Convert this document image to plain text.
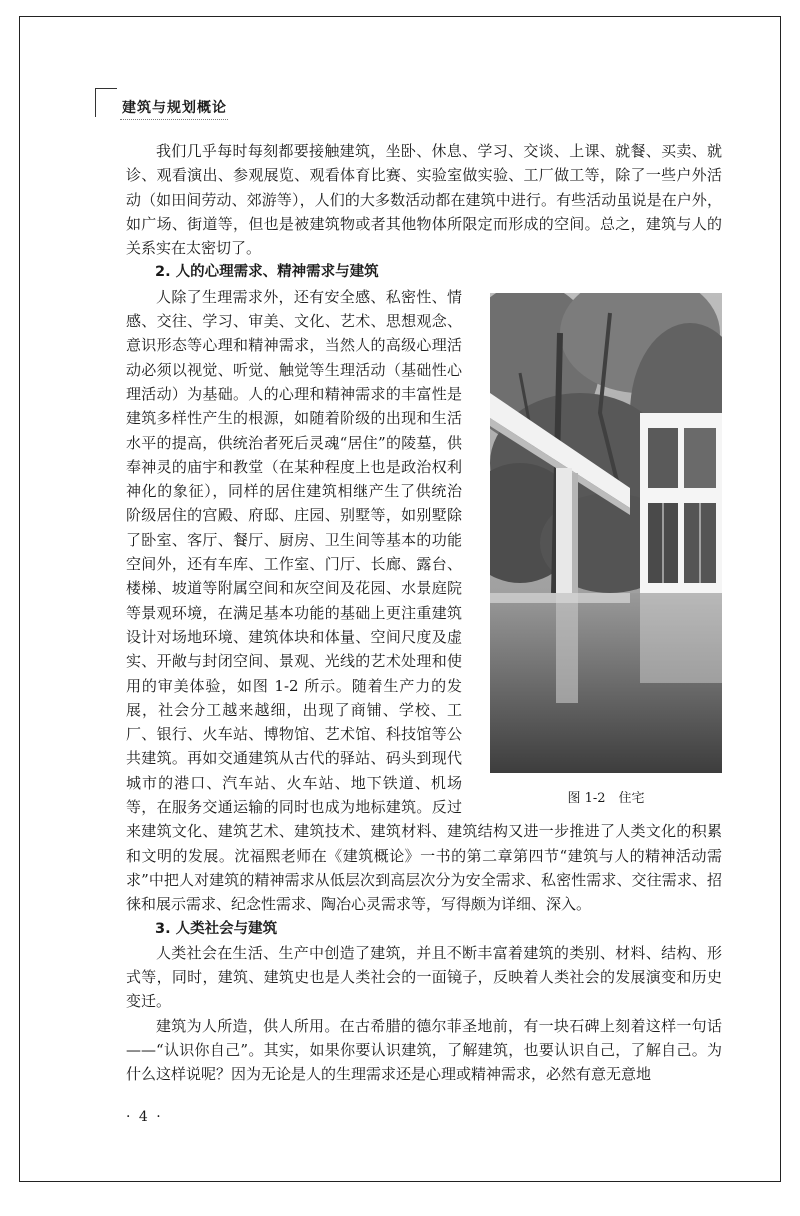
建筑与规划概论

我们几乎每时每刻都要接触建筑，坐卧、休息、学习、交谈、上课、就餐、买卖、就诊、观看演出、参观展览、观看体育比赛、实验室做实验、工厂做工等，除了一些户外活动（如田间劳动、郊游等），人们的大多数活动都在建筑中进行。有些活动虽说是在户外，如广场、街道等，但也是被建筑物或者其他物体所限定而形成的空间。总之，建筑与人的关系实在太密切了。

2. 人的心理需求、精神需求与建筑

图 1-2　住宅

人除了生理需求外，还有安全感、私密性、情感、交往、学习、审美、文化、艺术、思想观念、意识形态等心理和精神需求，当然人的高级心理活动必须以视觉、听觉、触觉等生理活动（基础性心理活动）为基础。人的心理和精神需求的丰富性是建筑多样性产生的根源，如随着阶级的出现和生活水平的提高，供统治者死后灵魂“居住”的陵墓，供奉神灵的庙宇和教堂（在某种程度上也是政治权利神化的象征），同样的居住建筑相继产生了供统治阶级居住的宫殿、府邸、庄园、别墅等，如别墅除了卧室、客厅、餐厅、厨房、卫生间等基本的功能空间外，还有车库、工作室、门厅、长廊、露台、楼梯、坡道等附属空间和灰空间及花园、水景庭院等景观环境，在满足基本功能的基础上更注重建筑设计对场地环境、建筑体块和体量、空间尺度及虚实、开敞与封闭空间、景观、光线的艺术处理和使用的审美体验，如图 1-2 所示。随着生产力的发展，社会分工越来越细，出现了商铺、学校、工厂、银行、火车站、博物馆、艺术馆、科技馆等公共建筑。再如交通建筑从古代的驿站、码头到现代城市的港口、汽车站、火车站、地下铁道、机场等，在服务交通运输的同时也成为地标建筑。反过来建筑文化、建筑艺术、建筑技术、建筑材料、建筑结构又进一步推进了人类文化的积累和文明的发展。沈福熙老师在《建筑概论》一书的第二章第四节“建筑与人的精神活动需求”中把人对建筑的精神需求从低层次到高层次分为安全需求、私密性需求、交往需求、招徕和展示需求、纪念性需求、陶冶心灵需求等，写得颇为详细、深入。

3. 人类社会与建筑

人类社会在生活、生产中创造了建筑，并且不断丰富着建筑的类别、材料、结构、形式等，同时，建筑、建筑史也是人类社会的一面镜子，反映着人类社会的发展演变和历史变迁。

建筑为人所造，供人所用。在古希腊的德尔菲圣地前，有一块石碑上刻着这样一句话——“认识你自己”。其实，如果你要认识建筑，了解建筑，也要认识自己，了解自己。为什么这样说呢？因为无论是人的生理需求还是心理或精神需求，必然有意无意地

· 4 ·
